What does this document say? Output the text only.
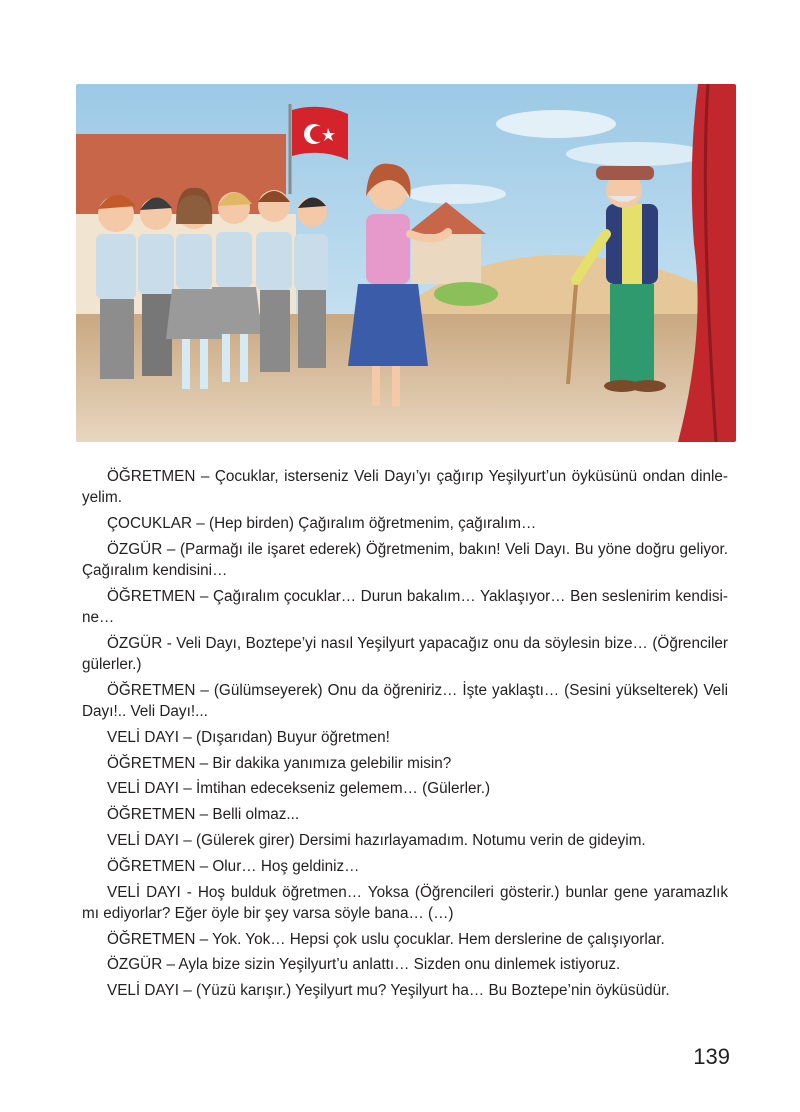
ÖĞRETMEN – Çocuklar, isterseniz Veli Dayı’yı çağırıp Yeşilyurt’un öyküsünü ondan dinle-yelim.

ÇOCUKLAR – (Hep birden) Çağıralım öğretmenim, çağıralım…

ÖZGÜR – (Parmağı ile işaret ederek) Öğretmenim, bakın! Veli Dayı. Bu yöne doğru geliyor. Çağıralım kendisini…

ÖĞRETMEN – Çağıralım çocuklar… Durun bakalım… Yaklaşıyor… Ben seslenirim kendisi-ne…

ÖZGÜR - Veli Dayı, Boztepe’yi nasıl Yeşilyurt yapacağız onu da söylesin bize… (Öğrenciler gülerler.)

ÖĞRETMEN – (Gülümseyerek) Onu da öğreniriz… İşte yaklaştı… (Sesini yükselterek) Veli Dayı!.. Veli Dayı!...

VELİ DAYI – (Dışarıdan) Buyur öğretmen!

ÖĞRETMEN – Bir dakika yanımıza gelebilir misin?

VELİ DAYI – İmtihan edecekseniz gelemem… (Gülerler.)

ÖĞRETMEN – Belli olmaz...

VELİ DAYI – (Gülerek girer) Dersimi hazırlayamadım. Notumu verin de gideyim.

ÖĞRETMEN – Olur… Hoş geldiniz…

VELİ DAYI - Hoş bulduk öğretmen… Yoksa (Öğrencileri gösterir.) bunlar gene yaramazlık mı ediyorlar? Eğer öyle bir şey varsa söyle bana… (…)

ÖĞRETMEN – Yok. Yok… Hepsi çok uslu çocuklar. Hem derslerine de çalışıyorlar.

ÖZGÜR – Ayla bize sizin Yeşilyurt’u anlattı… Sizden onu dinlemek istiyoruz.

VELİ DAYI – (Yüzü karışır.) Yeşilyurt mu? Yeşilyurt ha… Bu Boztepe’nin öyküsüdür.

139
